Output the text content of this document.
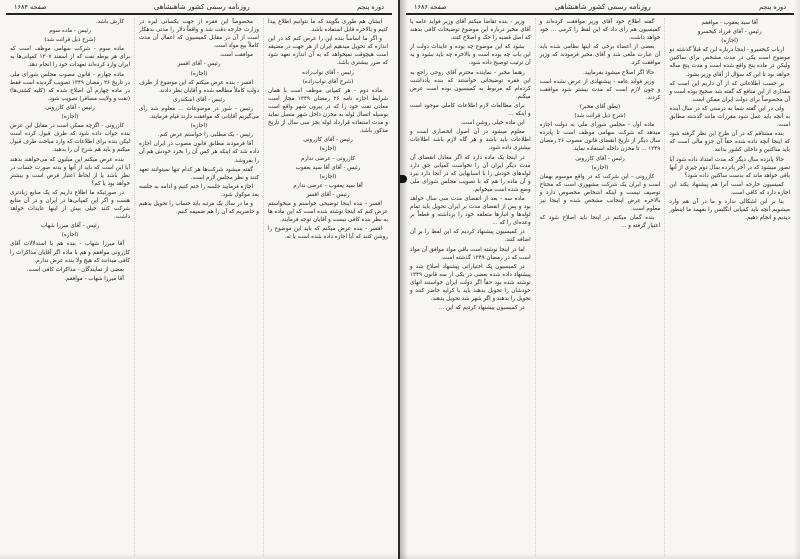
دوره پنجم
روزنامه رسمی کشور شاهنشاهی
صفحه ۱۶۸۴

ایشان هم طوری بگویند که ما نتوانیم اطلاع پیدا کنیم و بالاخره قابل استفاده باشد.

و اگر ما اساساً بنده این را عرض کنم که در این اندازه که تحویل میدهیم ایران از هر جهت در مضیقه است هیچوقت نمیخواهد که به آن اندازه تعهد شود که ضرر بیشتری باشد.

رئیس - آقای نواب‌زاده

(شرح آقای نواب‌زاده)

ماده دوم - هر کمپانی موظف است با همان شرایط اجازه نامه ۲۶ رمضان ۱۳۴۹ مجاز است معادن نفت خود را که در بیرون شهر واقع است بوسیله اتصال لوله به مخزن داخل شهر متصل نماید و مدت استفاده قرارداد لوله بجز سی سال از تاریخ مذکور باشد.

رئیس - آقای کازرونی

(اجازه)

کازرونی - عرضی ندارم

رئیس - آقای آقا سید یعقوب

(اجازه)

آقا سید یعقوب - عرضی ندارم

رئیس - آقای افسر

افسر - بنده اینجا توضیحی خواستم و میخواستم عرض کنم که اینجا نوشته شده است که این ماده ها به نظر بنده کافی نیست و آقایان توجه فرمایند.

افسر - بنده عرض میکنم که باید این موضوع را روشن کنند که آیا اجازه داده شده است یا نه.

مخصوصاً این فقره از جهت یکسانی لیره در وزارت خارجه دقت شد و واقعاً دلار را مدتی بدهکار است از آن در مقابل کمیسیون که اعمال آن مدت کاملاً بیع مواد است.

موافقت است.

رئیس - آقای افسر

(اجازه)

افسر - بنده عرض میکنم که این موضوع از طرف دولت کاملاً مطالعه شده و آقایان نظر دادند.

رئیس - آقای اسکندری

رئیس - شور در موضوعات ... معلوم شد رأی می‌گیریم آقایانی که موافقت دارند قیام فرمایند.

(اجازه)

رئیس - یک مطلبی را خواستم عرض کنم.

آقا فرمودند مطابق قانون مصوب در ایران اجازه داده شد که اینکه هر کس آن را بخرد خودش هم آن را بفروشد.

گفته میشود شرکت‌ها هر کدام تنها نمیتوانند تعهد کنند و نظر مجلس لازم است.

اجازه فرمایید جلسه را ختم کنیم و ادامه به جلسه بعد موکول شود.

و ما در سال یک مرتبه باید حساب را تحویل بدهیم و حاضریم که آن را هم ضمیمه کنیم.

کارش باشد.

رئیس - ماده سوم

(شرح ذیل قرائت شد)

ماده سوم - شرکت سهامی موظف است که برای هر بوطه نفت که از اسفند ۱۳۰۷ کمپانی‌ها به ایران وارد کرده‌اند تعهدات خود را انجام دهد.

ماده چهارم - قانون مصوب مجلس شورای ملی در تاریخ ۲۶ رمضان ۱۳۴۹ تصویب گردیده است فقط در ماده چهارم آن اصلاح شده که (کلیه کشتی‌ها) (نفت و ولایت مسافر) تصویب شود.

رئیس - آقای کازرونی

(اجازه)

کازرونی - اگرچه ممکن است در مقابل این عرض بنده جواب داده شود که طرف قبول کرده است لیکن بنده برای اطلاعات که وارد مباحث طرف قبول میکنم و باید هم شرح آن را بدهید.

بنده عرض میکنم این میلیون که می‌خواهند بدهند آیا این است که باید از آنها و بدنه صورت حساب در نظر باشد یا از لحاظ اعتبار قرض است و بیشتر خواهد بود یا کم؟

در صورتیکه ما اطلاع داریم که یک منابع زیادتری هست و اگر این کمپانی‌ها در ایران و در آن منابع شرکت کنند خیلی بیش از اینها عایدات خواهد داشت.

رئیس - آقای میرزا شهاب

(اجازه)

آقا میرزا شهاب - بنده هم با استدلالات آقای کازرونی موافقم و هم با ماده اگر آقایان مذاکرات را کافی میدانند که هیچ ولا بنده عرض ندارم.

بعضی از نمایندگان - مذاکرات کافی است.

آقا میرزا شهاب - موافقم.

دوره پنجم
روزنامه رسمی کشور شاهنشاهی
صفحه ۱۶۸۶

آقا سید یعقوب - موافقم

رئیس - آقای فرزاد کیخسرو

(اجازه)

ارباب کیخسرو - اینجا درباره این که قبلاً گذشته دو موضوع است یکی در مدت مشخص برای ساکنین ولیکن در ماده پنج واقع شده است و مدت پنج ساله خواهد بود تا این که سؤال از آقای وزیر بشود.

بر حسب اطلاعاتی که از آن داریم این است که مقداری از این منافع که گفته شد صحیح بوده است و آن مخصوصاً برای دولت ایران ممکن است.

ولی در این گفته شما به درستی که در سال آینده به آنچه باید عمل شود مقررات مانند گذشته مطابق است.

بنده مشتاقم که در آن طرح این نظر گرفته شود که اینجا آنچه داده شده حقاً آن جزو مالی است که باید ساکنین و داخلی کشور بدانند.

حالا پانزده سال دیگر که مدت امتداد داده شود آیا تصور میشود که در آخر پانزده سال دوم چیزی از آنها باقی خواهد ماند که بدست ساکنین داده شود؟

کمیسیون خارجه است آنرا هم پیشنهاد بکند این اجازه دارد که کافی است.

بنا بر این اشکالی ندارد و ما در آن هم وارد میشویم آنچه باید کمپانی انگلیس را بفهمد ما اینطور دیدیم و انجام دهیم.

گفته اطلاع خود آقای وزیر موافقت کرده‌اند و کمیسیون هم رأی داد که این لفظ را کرمی ... خود خواهد داشت.

بعضی از اعضاء برخی که اینها نظامی شده باید آن عبارت ملغی شد و آقای مخبر فرمودند که وزیر موافقت کرد.

حالا اگر اصلاح میشود بفرمایید.

وزیر فواید عامه - پیشنهادی از عرض نشده است و چون لازم است که مدت بیشتر شود موافقت کردند.

(نطق آقای مخبر)

(شرح ذیل قرائت شد)

ماده اول - مجلس شورای ملی به دولت اجازه میدهد که شرکت سهامی موظف است تا پانزده سال دیگر از تاریخ انقضای قانون مصوب ۲۶ رمضان ۱۳۴۹ ... تا مخزن داخله استفاده نماید.

رئیس - آقای کازرونی

(اجازه)

کازرونی - این شرکت که در واقع موسوم بهمان است و ایران یک شرکت مشهوری است که محتاج توصیف نیست و اینکه اشخاص مخصوص دارد و بالاخره عرض اینجانب مشخص شده و اینجا نیز معلوم است.

بنده گمان میکنم در اینجا باید اصلاح شود که اعتبار گرفته و ...

وزیر - بنده تقاضا میکنم آقای وزیر فواید عامه یا آقای مخبر درباره این موضوع توضیحات کافی بدهند که اصل قضیه را حک و اصلاح کنند.

بشود که این موضوع چه بوده و عایدات دولت از این باب چه بوده است و بالاخره چه باید بشود و به آن ترتیب توضیح داده شود.

رهنما مخبر - نماینده محترم آقای روحی راجع به این فقره توضیحاتی خواستند که بنده یادداشت کرده‌ام که مربوط به کمیسیون بوده است عرض میکنم.

برای مطالعات لازم اطلاعات کاملی موجود است و اینکه ...

این ماده خیلی روشن است.

معلوم میشود در آن اصول انحصاری است و اطلاعات باید باشد و هر گاه لازم باشد اطلاعات بیشتری داده شود.

در اینجا یک ماده دارد که اگر معادل انقضای آن مدت دیگر ایران آن را نخواست کمپانی حق دارد لوله‌های خودش را با اسبابهایی که در آنجا دارد ببرد و آن ماده را هم که با تصویب مجلس شورای ملی وضع شده است میخوانم.

ماده سه - بعد از انقضای مدت سی سال خواهد بود و پس از انقضای مدت بر ایران تحویل باید تمام لوله‌ها و انبارها متعلقه خود را برداشته و قطعاً بر وعده‌ای را که ...

در کمیسیون پیشنهاد کردیم که این لفظ را بر آن اضافه کنند.

اما در اینجا نوشته است باقی مواد موافق آن مواد است که در رمضان ۱۳۴۹ گذشته است.

در کمیسیون یک اختیاراتی پیشنهاد اصلاح شد و پیشنهاد داده شده بعضی در یکی از سه قانون ۱۳۴۹ نوشته شده بود حقاً اگر دولت ایران خواستند انهای خودشان را تحویل بدهند باید با کرایه حاضر کنند و تحویل را بدهند و اگر شهر شد تحویل بدهند.

در کمیسیون پیشنهاد کردیم که این ...
